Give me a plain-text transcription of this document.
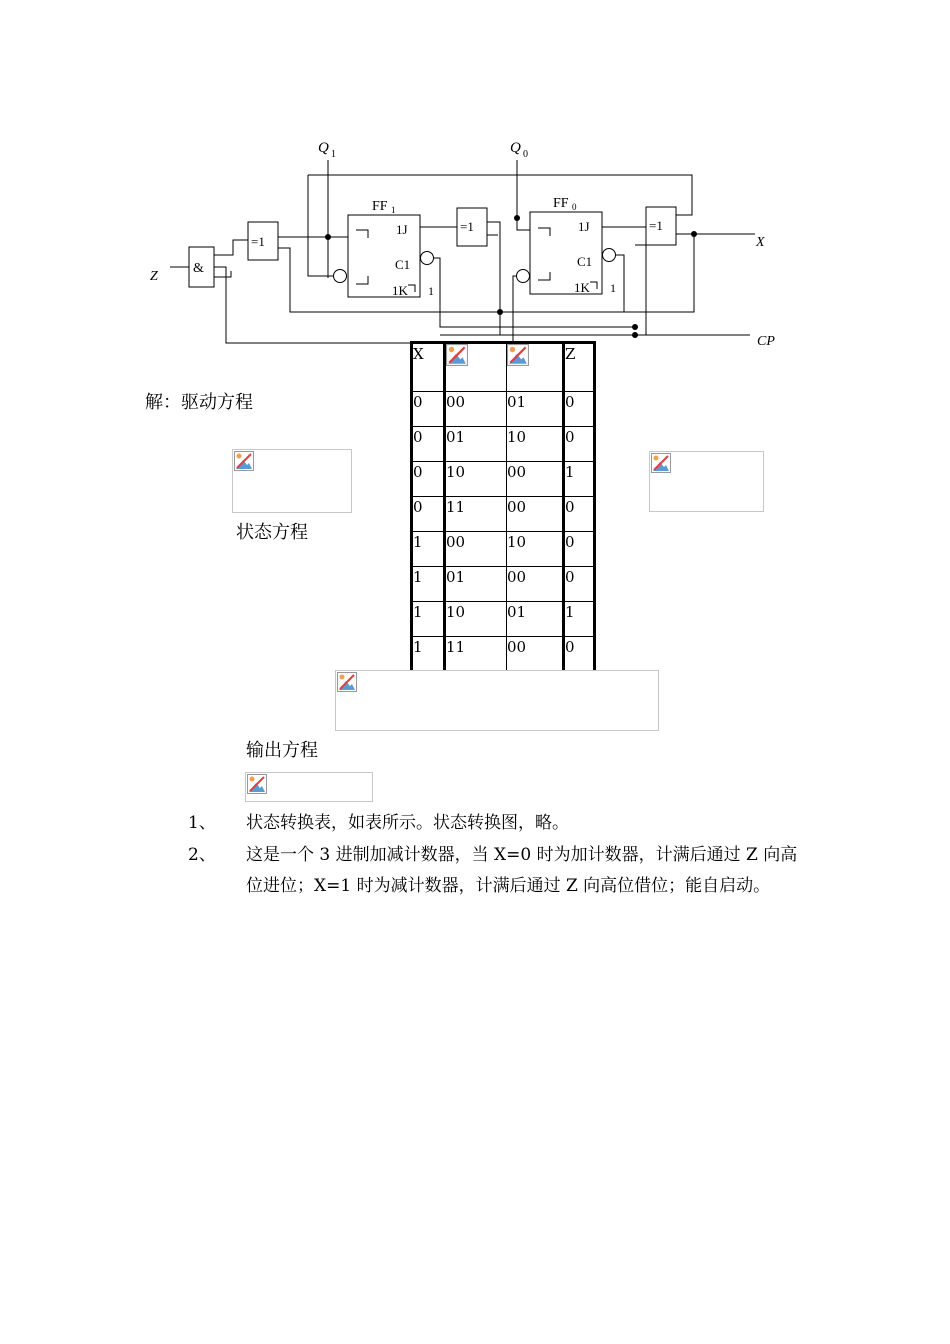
Q 1	Q 0
FF 1	FF 0
&
=1
=1	=1
1J
C1
1K 1
1J
C1
1K 1
Z
X
CP
解：驱动方程
状态方程
X			Z

0	00	01	0

0	01	10	0

0	10	00	1

0	11	00	0

1	00	10	0

1	01	00	0

1	10	01	1

1	11	00	0
输出方程
1、 状态转换表，如表所示。状态转换图，略。
2、 这是一个 3 进制加减计数器，当 X=0 时为加计数器，计满后通过 Z 向高位进位；X=1 时为减计数器，计满后通过 Z 向高位借位；能自启动。
